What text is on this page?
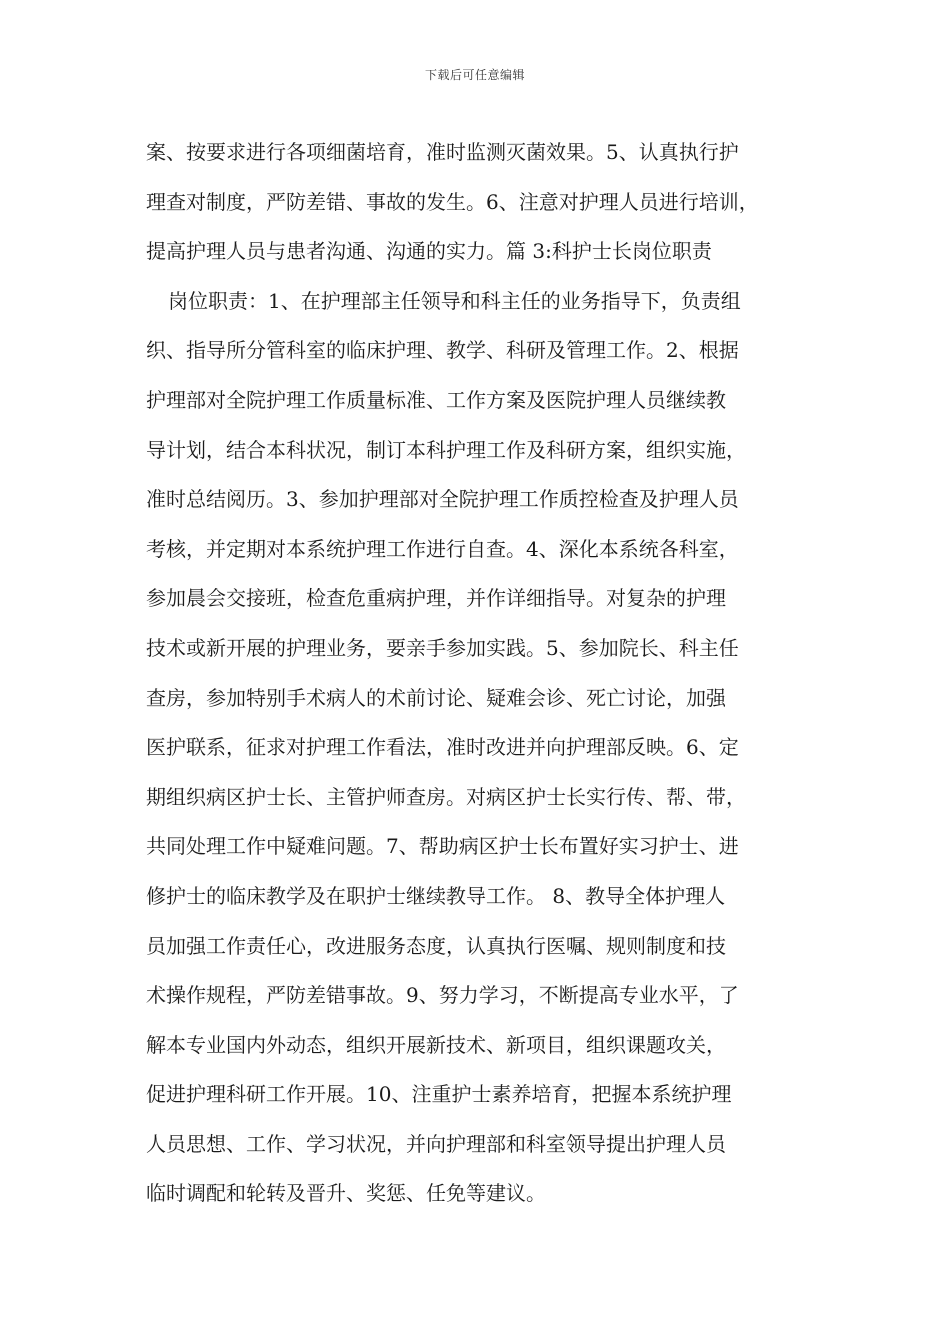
下载后可任意编辑
案、按要求进行各项细菌培育，准时监测灭菌效果。5、认真执行护
理查对制度，严防差错、事故的发生。6、注意对护理人员进行培训，
提高护理人员与患者沟通、沟通的实力。篇 3:科护士长岗位职责
岗位职责：1、在护理部主任领导和科主任的业务指导下，负责组
织、指导所分管科室的临床护理、教学、科研及管理工作。2、根据
护理部对全院护理工作质量标准、工作方案及医院护理人员继续教
导计划，结合本科状况，制订本科护理工作及科研方案，组织实施，
准时总结阅历。3、参加护理部对全院护理工作质控检查及护理人员
考核，并定期对本系统护理工作进行自查。4、深化本系统各科室，
参加晨会交接班，检查危重病护理，并作详细指导。对复杂的护理
技术或新开展的护理业务，要亲手参加实践。5、参加院长、科主任
查房，参加特别手术病人的术前讨论、疑难会诊、死亡讨论，加强
医护联系，征求对护理工作看法，准时改进并向护理部反映。6、定
期组织病区护士长、主管护师查房。对病区护士长实行传、帮、带，
共同处理工作中疑难问题。7、帮助病区护士长布置好实习护士、进
修护士的临床教学及在职护士继续教导工作。 8、教导全体护理人
员加强工作责任心，改进服务态度，认真执行医嘱、规则制度和技
术操作规程，严防差错事故。9、努力学习，不断提高专业水平，了
解本专业国内外动态，组织开展新技术、新项目，组织课题攻关，
促进护理科研工作开展。10、注重护士素养培育，把握本系统护理
人员思想、工作、学习状况，并向护理部和科室领导提出护理人员
临时调配和轮转及晋升、奖惩、任免等建议。
